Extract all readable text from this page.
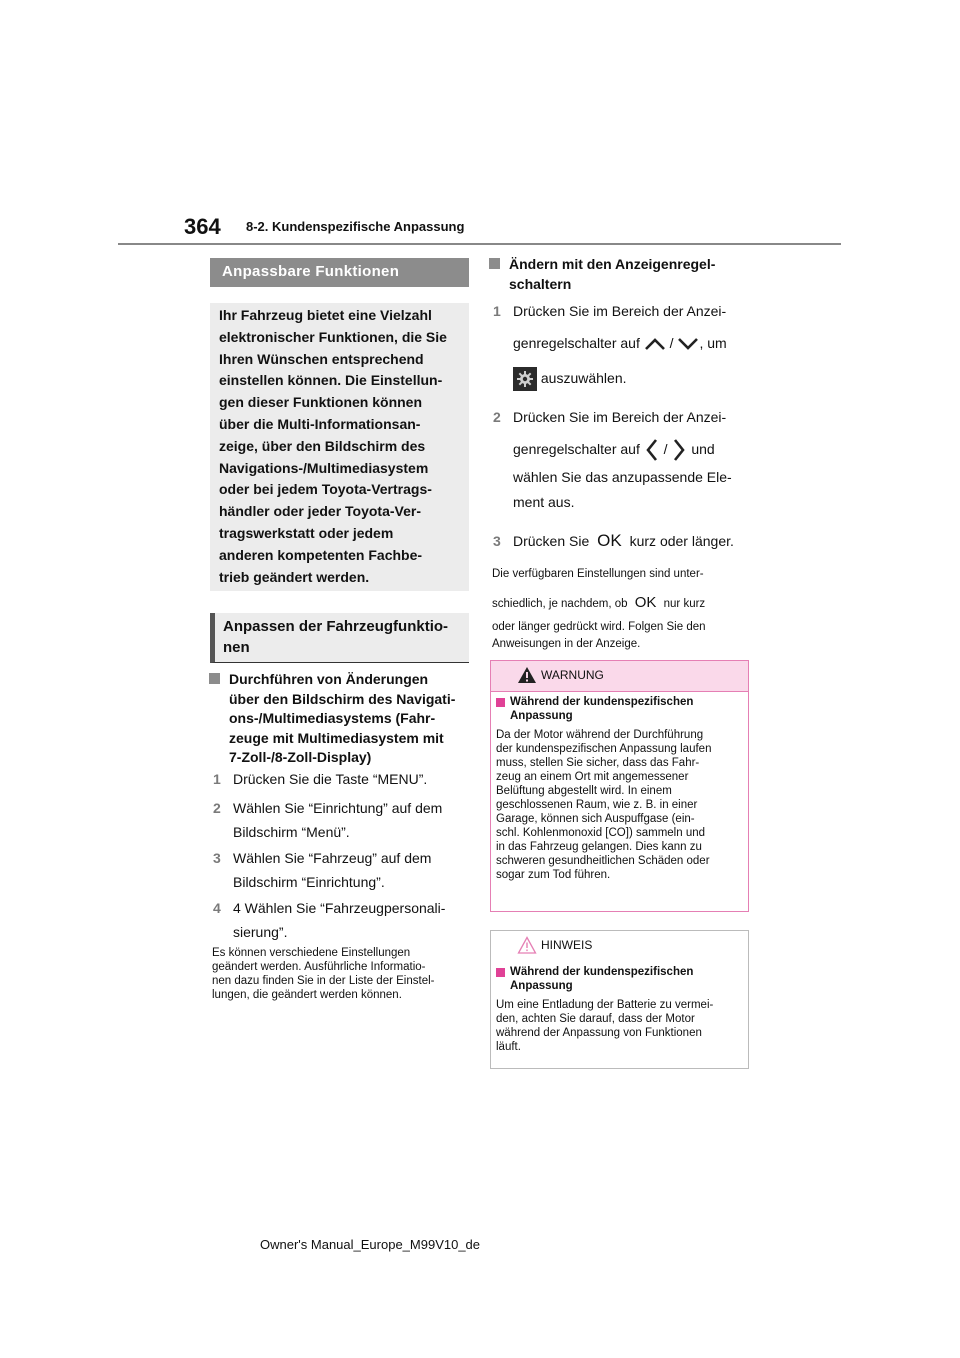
364 8-2. Kundenspezifische Anpassung
Anpassbare Funktionen

Ihr Fahrzeug bietet eine Vielzahl

elektronischer Funktionen, die Sie

Ihren Wünschen entsprechend

einstellen können. Die Einstellun-

gen dieser Funktionen können

über die Multi-Informationsan-

zeige, über den Bildschirm des

Navigations-/Multimediasystem

oder bei jedem Toyota-Vertrags-

händler oder jeder Toyota-Ver-

tragswerkstatt oder jedem

anderen kompetenten Fachbe-

trieb geändert werden.

Anpassen der Fahrzeugfunktio-
nen
Durchführen von Änderungen
über den Bildschirm des Navigati-
ons-/Multimediasystems (Fahr-
zeuge mit Multimediasystem mit
7-Zoll-/8-Zoll-Display)
1 Drücken Sie die Taste “MENU”.
2 Wählen Sie “Einrichtung” auf dem
Bildschirm “Menü”.
3 Wählen Sie “Fahrzeug” auf dem
Bildschirm “Einrichtung”.
4 4 Wählen Sie “Fahrzeugpersonali-
sierung”.
Es können verschiedene Einstellungen
geändert werden. Ausführliche Informatio-
nen dazu finden Sie in der Liste der Einstel-
lungen, die geändert werden können.
Ändern mit den Anzeigenregel-
schaltern
1 Drücken Sie im Bereich der Anzei-
genregelschalter auf / , um
auszuwählen.
2 Drücken Sie im Bereich der Anzei-
genregelschalter auf / und
wählen Sie das anzupassende Ele-
ment aus.
3 Drücken Sie OK kurz oder länger.
Die verfügbaren Einstellungen sind unter-
schiedlich, je nachdem, ob OK nur kurz
oder länger gedrückt wird. Folgen Sie den
Anweisungen in der Anzeige.
WARNUNG
Während der kundenspezifischen
Anpassung
Da der Motor während der Durchführung
der kundenspezifischen Anpassung laufen
muss, stellen Sie sicher, dass das Fahr-
zeug an einem Ort mit angemessener
Belüftung abgestellt wird. In einem
geschlossenen Raum, wie z. B. in einer
Garage, können sich Auspuffgase (ein-
schl. Kohlenmonoxid [CO]) sammeln und
in das Fahrzeug gelangen. Dies kann zu
schweren gesundheitlichen Schäden oder
sogar zum Tod führen.
HINWEIS
Während der kundenspezifischen
Anpassung
Um eine Entladung der Batterie zu vermei-
den, achten Sie darauf, dass der Motor
während der Anpassung von Funktionen
läuft.
Owner's Manual_Europe_M99V10_de
